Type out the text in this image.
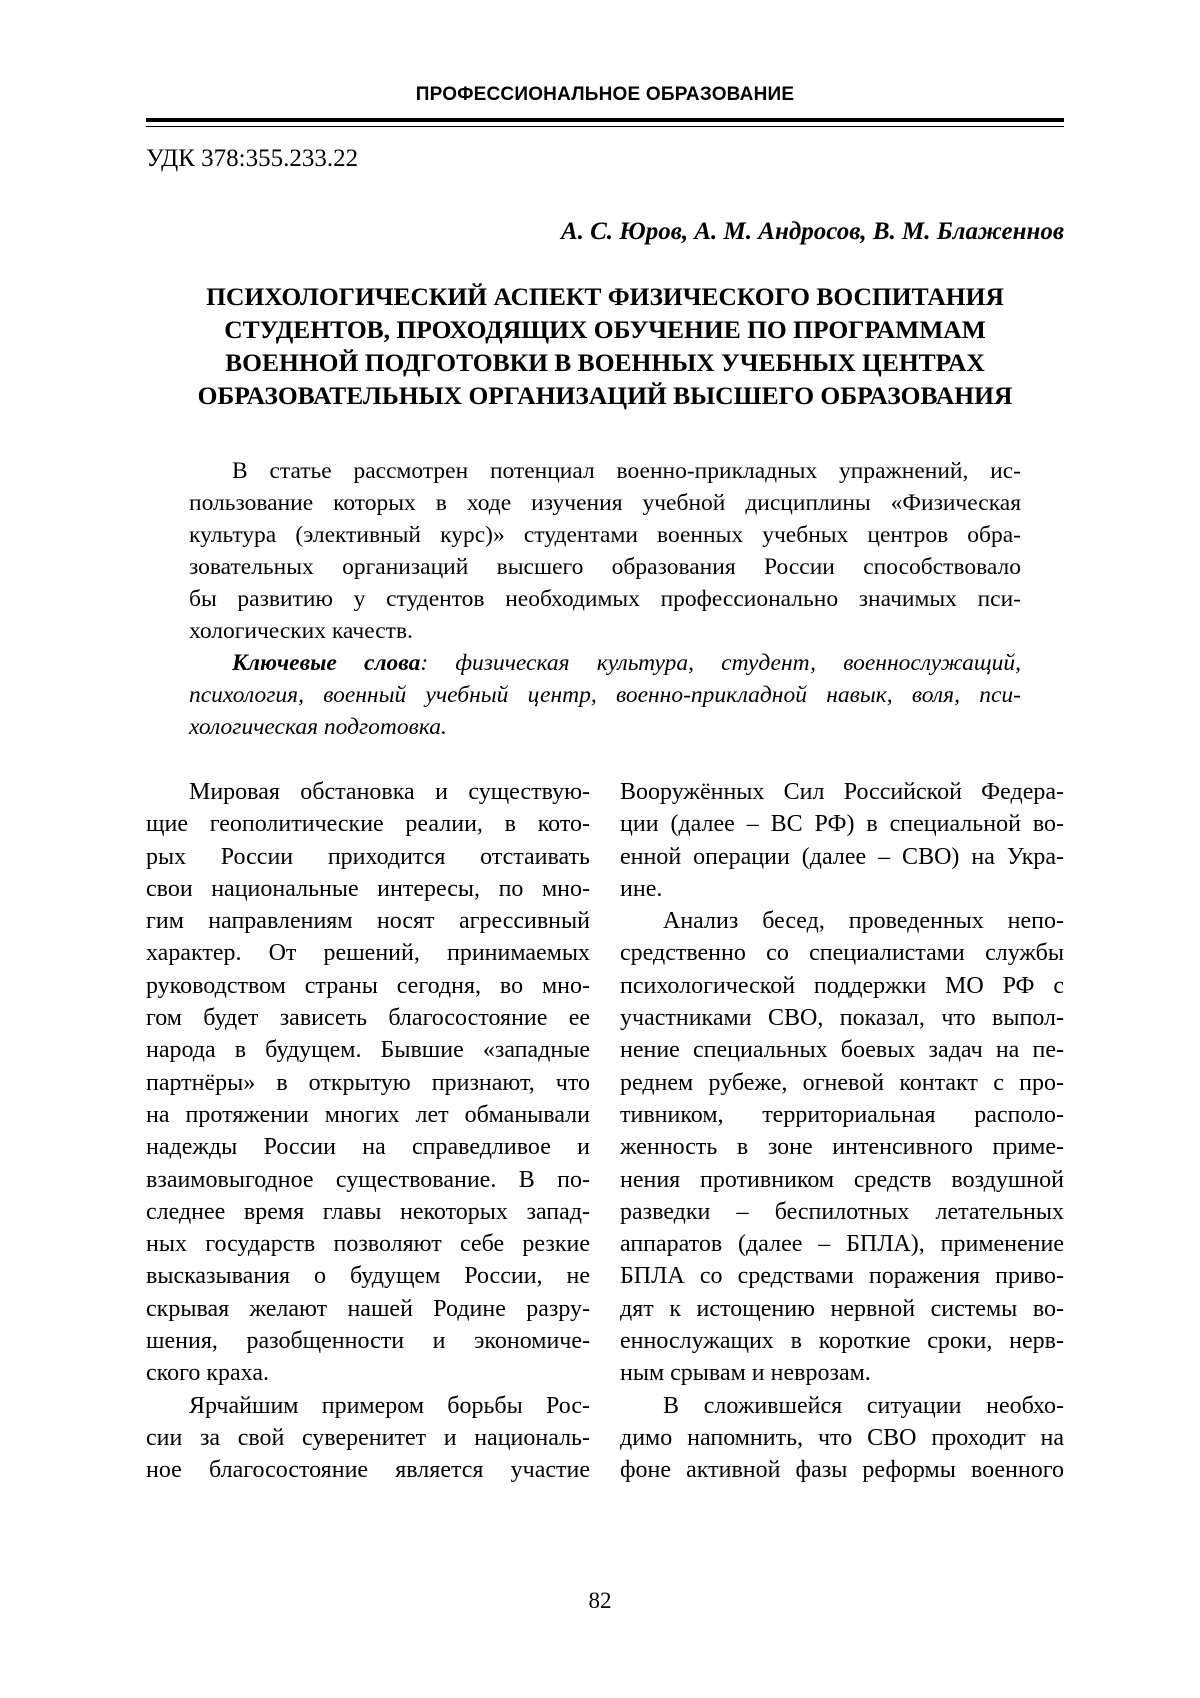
ПРОФЕССИОНАЛЬНОЕ ОБРАЗОВАНИЕ
УДК 378:355.233.22
А. С. Юров, А. М. Андросов, В. М. Блаженнов
ПСИХОЛОГИЧЕСКИЙ АСПЕКТ ФИЗИЧЕСКОГО ВОСПИТАНИЯ
СТУДЕНТОВ, ПРОХОДЯЩИХ ОБУЧЕНИЕ ПО ПРОГРАММАМ
ВОЕННОЙ ПОДГОТОВКИ В ВОЕННЫХ УЧЕБНЫХ ЦЕНТРАХ
ОБРАЗОВАТЕЛЬНЫХ ОРГАНИЗАЦИЙ ВЫСШЕГО ОБРАЗОВАНИЯ
В статье рассмотрен потенциал военно-прикладных упражнений, ис-
пользование которых в ходе изучения учебной дисциплины «Физическая
культура (элективный курс)» студентами военных учебных центров обра-
зовательных организаций высшего образования России способствовало
бы развитию у студентов необходимых профессионально значимых пси-
хологических качеств.
Ключевые слова: физическая культура, студент, военнослужащий,
психология, военный учебный центр, военно-прикладной навык, воля, пси-
хологическая подготовка.
Мировая обстановка и существую-
щие геополитические реалии, в кото-
рых России приходится отстаивать
свои национальные интересы, по мно-
гим направлениям носят агрессивный
характер. От решений, принимаемых
руководством страны сегодня, во мно-
гом будет зависеть благосостояние ее
народа в будущем. Бывшие «западные
партнёры» в открытую признают, что
на протяжении многих лет обманывали
надежды России на справедливое и
взаимовыгодное существование. В по-
следнее время главы некоторых запад-
ных государств позволяют себе резкие
высказывания о будущем России, не
скрывая желают нашей Родине разру-
шения, разобщенности и экономиче-
ского краха.
Ярчайшим примером борьбы Рос-
сии за свой суверенитет и националь-
ное благосостояние является участие
Вооружённых Сил Российской Федера-
ции (далее – ВС РФ) в специальной во-
енной операции (далее – СВО) на Укра-
ине.
Анализ бесед, проведенных непо-
средственно со специалистами службы
психологической поддержки МО РФ с
участниками СВО, показал, что выпол-
нение специальных боевых задач на пе-
реднем рубеже, огневой контакт с про-
тивником, территориальная располо-
женность в зоне интенсивного приме-
нения противником средств воздушной
разведки – беспилотных летательных
аппаратов (далее – БПЛА), применение
БПЛА со средствами поражения приво-
дят к истощению нервной системы во-
еннослужащих в короткие сроки, нерв-
ным срывам и неврозам.
В сложившейся ситуации необхо-
димо напомнить, что СВО проходит на
фоне активной фазы реформы военного
82
